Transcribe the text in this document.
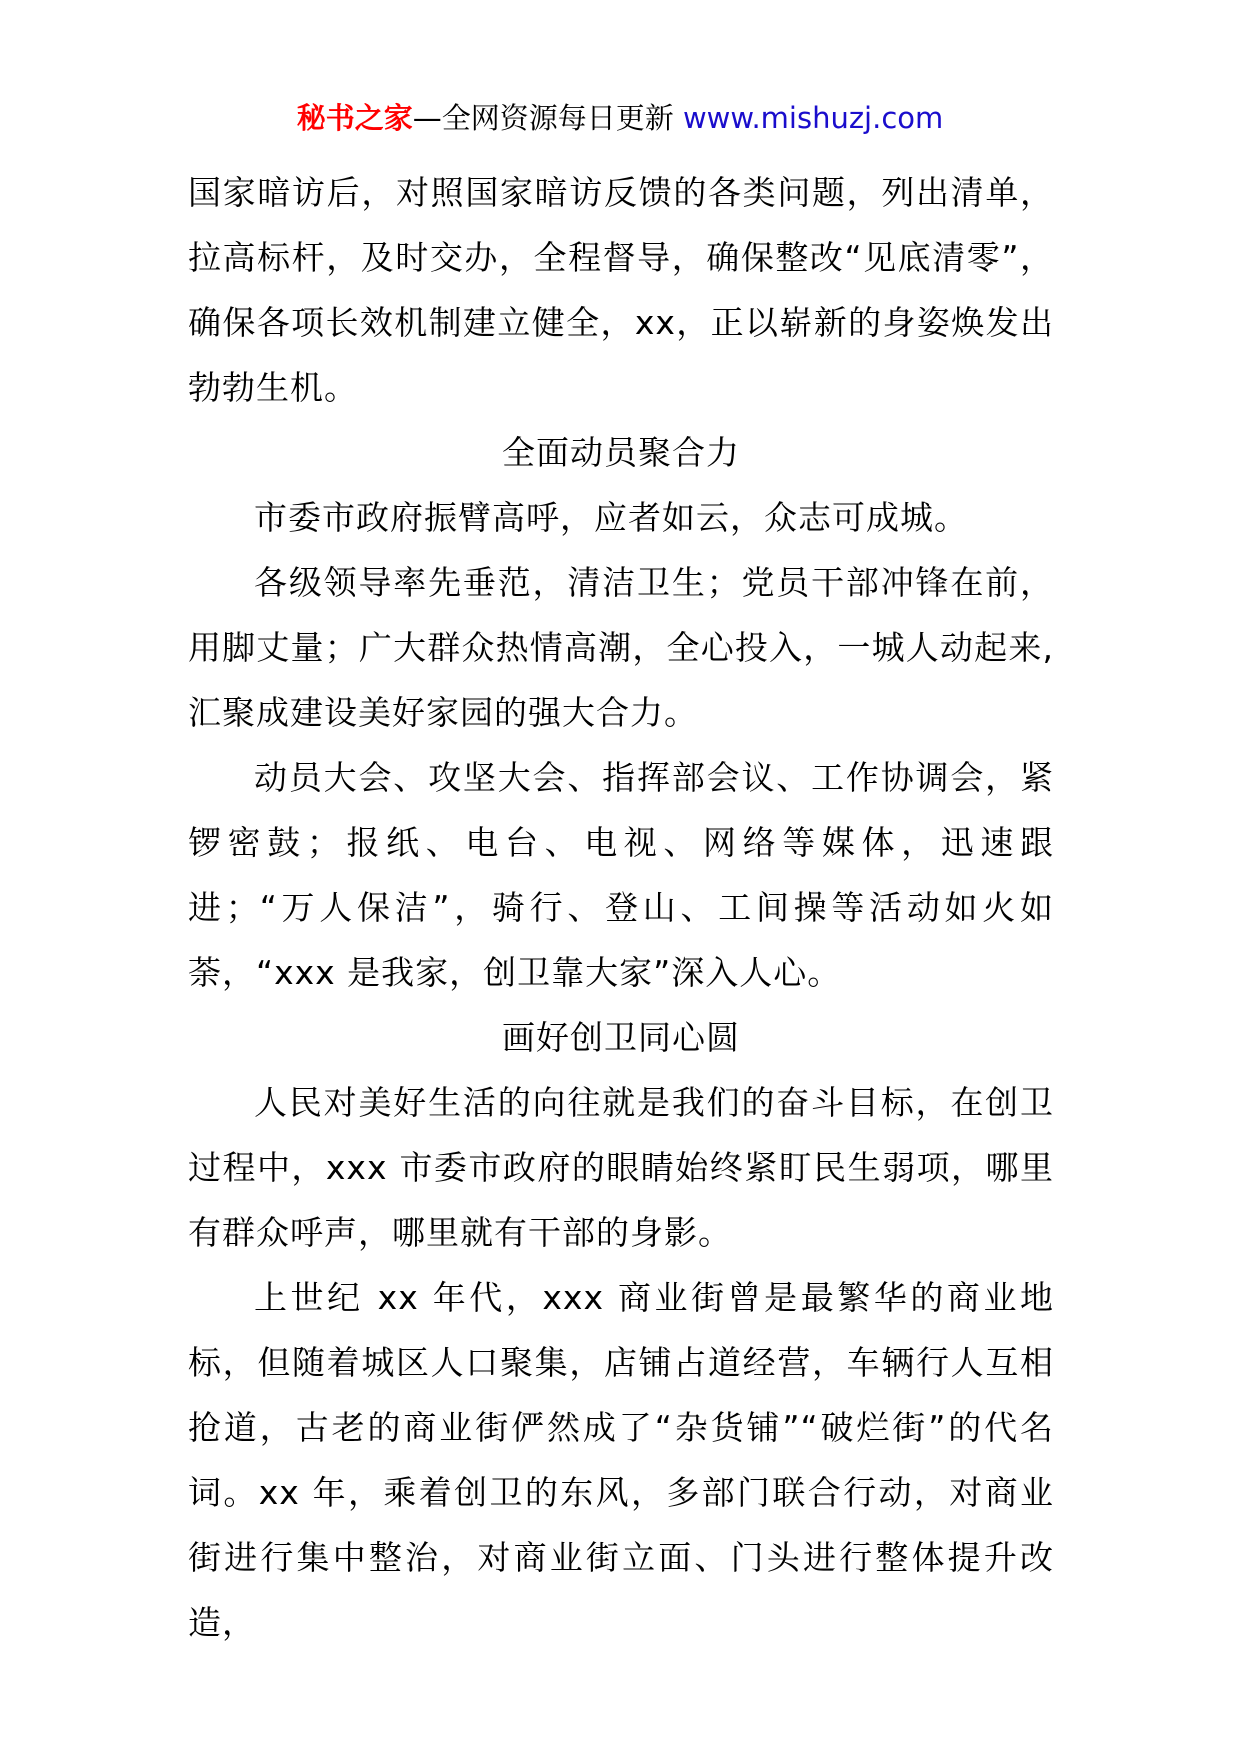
秘书之家—全网资源每日更新 www.mishuzj.com

国家暗访后，对照国家暗访反馈的各类问题，列出清单，拉高标杆，及时交办，全程督导，确保整改“见底清零”，确保各项长效机制建立健全，xx，正以崭新的身姿焕发出勃勃生机。

全面动员聚合力

市委市政府振臂高呼，应者如云，众志可成城。

各级领导率先垂范，清洁卫生；党员干部冲锋在前，用脚丈量；广大群众热情高潮，全心投入，一城人动起来,汇聚成建设美好家园的强大合力。

动员大会、攻坚大会、指挥部会议、工作协调会，紧锣密鼓；报纸、电台、电视、网络等媒体，迅速跟进；“万人保洁”，骑行、登山、工间操等活动如火如荼，“xxx 是我家，创卫靠大家”深入人心。

画好创卫同心圆

人民对美好生活的向往就是我们的奋斗目标，在创卫过程中，xxx 市委市政府的眼睛始终紧盯民生弱项，哪里有群众呼声，哪里就有干部的身影。

上世纪 xx 年代，xxx 商业街曾是最繁华的商业地标，但随着城区人口聚集，店铺占道经营，车辆行人互相抢道，古老的商业街俨然成了“杂货铺”“破烂街”的代名词。xx 年，乘着创卫的东风，多部门联合行动，对商业街进行集中整治，对商业街立面、门头进行整体提升改造，
